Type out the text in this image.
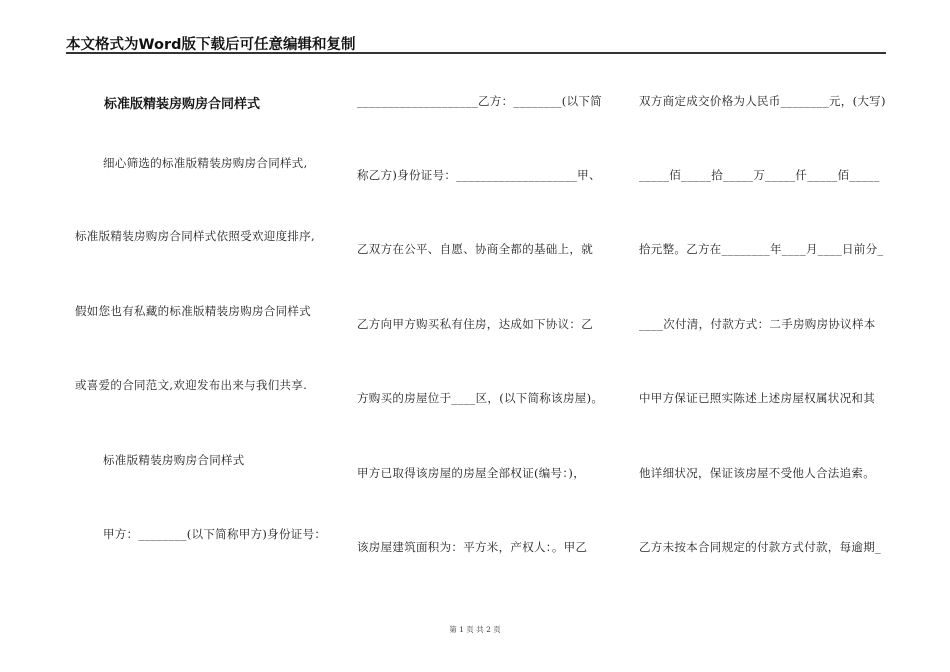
本文格式为Word版下载后可任意编辑和复制
标准版精装房购房合同样式
细心筛选的标准版精装房购房合同样式,
标准版精装房购房合同样式依照受欢迎度排序,
假如您也有私藏的标准版精装房购房合同样式
或喜爱的合同范文,欢迎发布出来与我们共享.
标准版精装房购房合同样式
甲方：________(以下简称甲方)身份证号：
____________________乙方：________(以下简
称乙方)身份证号：____________________甲、
乙双方在公平、自愿、协商全都的基础上，就
乙方向甲方购买私有住房，达成如下协议：乙
方购买的房屋位于____区，(以下简称该房屋)。
甲方已取得该房屋的房屋全部权证(编号：)，
该房屋建筑面积为：平方米，产权人：。甲乙
双方商定成交价格为人民币________元，(大写)
_____佰_____拾_____万_____仟_____佰_____
拾元整。乙方在________年____月____日前分_
____次付清，付款方式：二手房购房协议样本
中甲方保证已照实陈述上述房屋权属状况和其
他详细状况，保证该房屋不受他人合法追索。
乙方未按本合同规定的付款方式付款，每逾期_
第 1 页 共 2 页
